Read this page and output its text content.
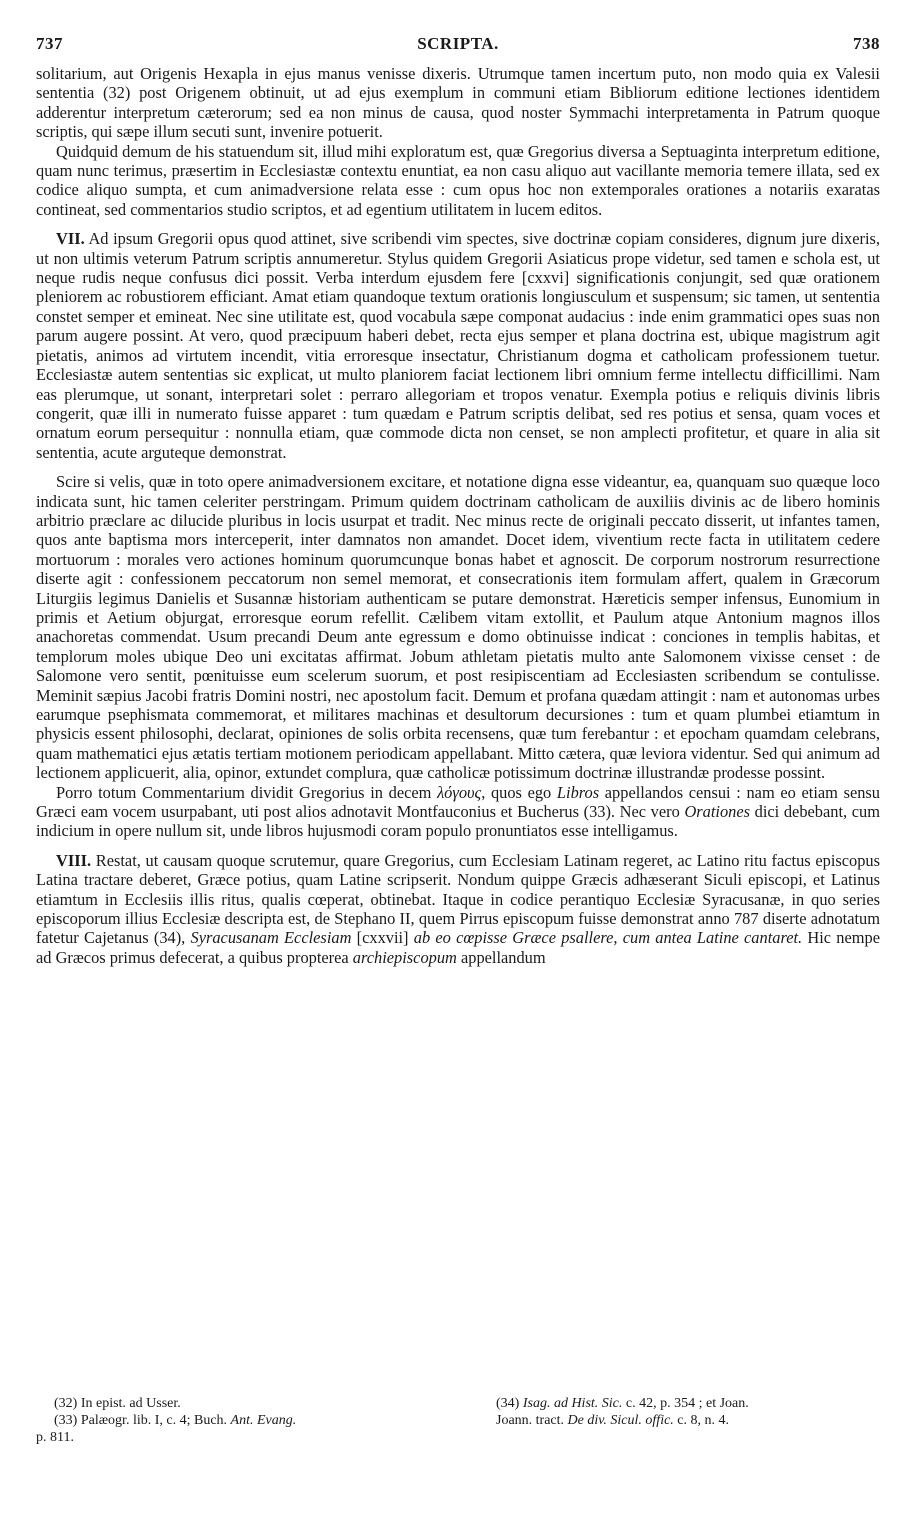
737	SCRIPTA.	738

solitarium, aut Origenis Hexapla in ejus manus venisse dixeris. Utrumque tamen incertum puto, non modo quia ex Valesii sententia (32) post Origenem obtinuit, ut ad ejus exemplum in communi etiam Bibliorum editione lectiones identidem adderentur interpretum cæterorum; sed ea non minus de causa, quod noster Symmachi interpretamenta in Patrum quoque scriptis, qui sæpe illum secuti sunt, invenire potuerit.

Quidquid demum de his statuendum sit, illud mihi exploratum est, quæ Gregorius diversa a Septuaginta interpretum editione, quam nunc terimus, præsertim in Ecclesiastæ contextu enuntiat, ea non casu aliquo aut vacillante memoria temere illata, sed ex codice aliquo sumpta, et cum animadversione relata esse : cum opus hoc non extemporales orationes a notariis exaratas contineat, sed commentarios studio scriptos, et ad egentium utilitatem in lucem editos.

VII. Ad ipsum Gregorii opus quod attinet, sive scribendi vim spectes, sive doctrinæ copiam consideres, dignum jure dixeris, ut non ultimis veterum Patrum scriptis annumeretur. Stylus quidem Gregorii Asiaticus prope videtur, sed tamen e schola est, ut neque rudis neque confusus dici possit. Verba interdum ejusdem fere [cxxvi] significationis conjungit, sed quæ orationem pleniorem ac robustiorem efficiant. Amat etiam quandoque textum orationis longiusculum et suspensum; sic tamen, ut sententia constet semper et emineat. Nec sine utilitate est, quod vocabula sæpe componat audacius : inde enim grammatici opes suas non parum augere possint. At vero, quod præcipuum haberi debet, recta ejus semper et plana doctrina est, ubique magistrum agit pietatis, animos ad virtutem incendit, vitia erroresque insectatur, Christianum dogma et catholicam professionem tuetur. Ecclesiastæ autem sententias sic explicat, ut multo planiorem faciat lectionem libri omnium ferme intellectu difficillimi. Nam eas plerumque, ut sonant, interpretari solet : perraro allegoriam et tropos venatur. Exempla potius e reliquis divinis libris congerit, quæ illi in numerato fuisse apparet : tum quædam e Patrum scriptis delibat, sed res potius et sensa, quam voces et ornatum eorum persequitur : nonnulla etiam, quæ commode dicta non censet, se non amplecti profitetur, et quare in alia sit sententia, acute arguteque demonstrat.

Scire si velis, quæ in toto opere animadversionem excitare, et notatione digna esse videantur, ea, quanquam suo quæque loco indicata sunt, hic tamen celeriter perstringam. Primum quidem doctrinam catholicam de auxiliis divinis ac de libero hominis arbitrio præclare ac dilucide pluribus in locis usurpat et tradit. Nec minus recte de originali peccato disserit, ut infantes tamen, quos ante baptisma mors interceperit, inter damnatos non amandet. Docet idem, viventium recte facta in utilitatem cedere mortuorum : morales vero actiones hominum quorumcunque bonas habet et agnoscit. De corporum nostrorum resurrectione diserte agit : confessionem peccatorum non semel memorat, et consecrationis item formulam affert, qualem in Græcorum Liturgiis legimus Danielis et Susannæ historiam authenticam se putare demonstrat. Hæreticis semper infensus, Eunomium in primis et Aetium objurgat, erroresque eorum refellit. Cælibem vitam extollit, et Paulum atque Antonium magnos illos anachoretas commendat. Usum precandi Deum ante egressum e domo obtinuisse indicat : conciones in templis habitas, et templorum moles ubique Deo uni excitatas affirmat. Jobum athletam pietatis multo ante Salomonem vixisse censet : de Salomone vero sentit, pœnituisse eum scelerum suorum, et post resipiscentiam ad Ecclesiasten scribendum se contulisse. Meminit sæpius Jacobi fratris Domini nostri, nec apostolum facit. Demum et profana quædam attingit : nam et autonomas urbes earumque psephismata commemorat, et militares machinas et desultorum decursiones : tum et quam plumbei etiamtum in physicis essent philosophi, declarat, opiniones de solis orbita recensens, quæ tum ferebantur : et epocham quamdam celebrans, quam mathematici ejus ætatis tertiam motionem periodicam appellabant. Mitto cætera, quæ leviora videntur. Sed qui animum ad lectionem applicuerit, alia, opinor, extundet complura, quæ catholicæ potissimum doctrinæ illustrandæ prodesse possint.

Porro totum Commentarium dividit Gregorius in decem λόγους, quos ego Libros appellandos censui : nam eo etiam sensu Græci eam vocem usurpabant, uti post alios adnotavit Montfauconius et Bucherus (33). Nec vero Orationes dici debebant, cum indicium in opere nullum sit, unde libros hujusmodi coram populo pronuntiatos esse intelligamus.

VIII. Restat, ut causam quoque scrutemur, quare Gregorius, cum Ecclesiam Latinam regeret, ac Latino ritu factus episcopus Latina tractare deberet, Græce potius, quam Latine scripserit. Nondum quippe Græcis adhæserant Siculi episcopi, et Latinus etiamtum in Ecclesiis illis ritus, qualis cœperat, obtinebat. Itaque in codice perantiquo Ecclesiæ Syracusanæ, in quo series episcoporum illius Ecclesiæ descripta est, de Stephano II, quem Pirrus episcopum fuisse demonstrat anno 787 diserte adnotatum fatetur Cajetanus (34), Syracusanam Ecclesiam [cxxvii] ab eo cœpisse Græce psallere, cum antea Latine cantaret. Hic nempe ad Græcos primus defecerat, a quibus propterea archiepiscopum appellandum

(32) In epist. ad Usser.
(33) Palæogr. lib. I, c. 4; Buch. Ant. Evang.
(34) Isag. ad Hist. Sic. c. 42, p. 354 ; et Joan.
Joann. tract. De div. Sicul. offic. c. 8, n. 4.
p. 811.
